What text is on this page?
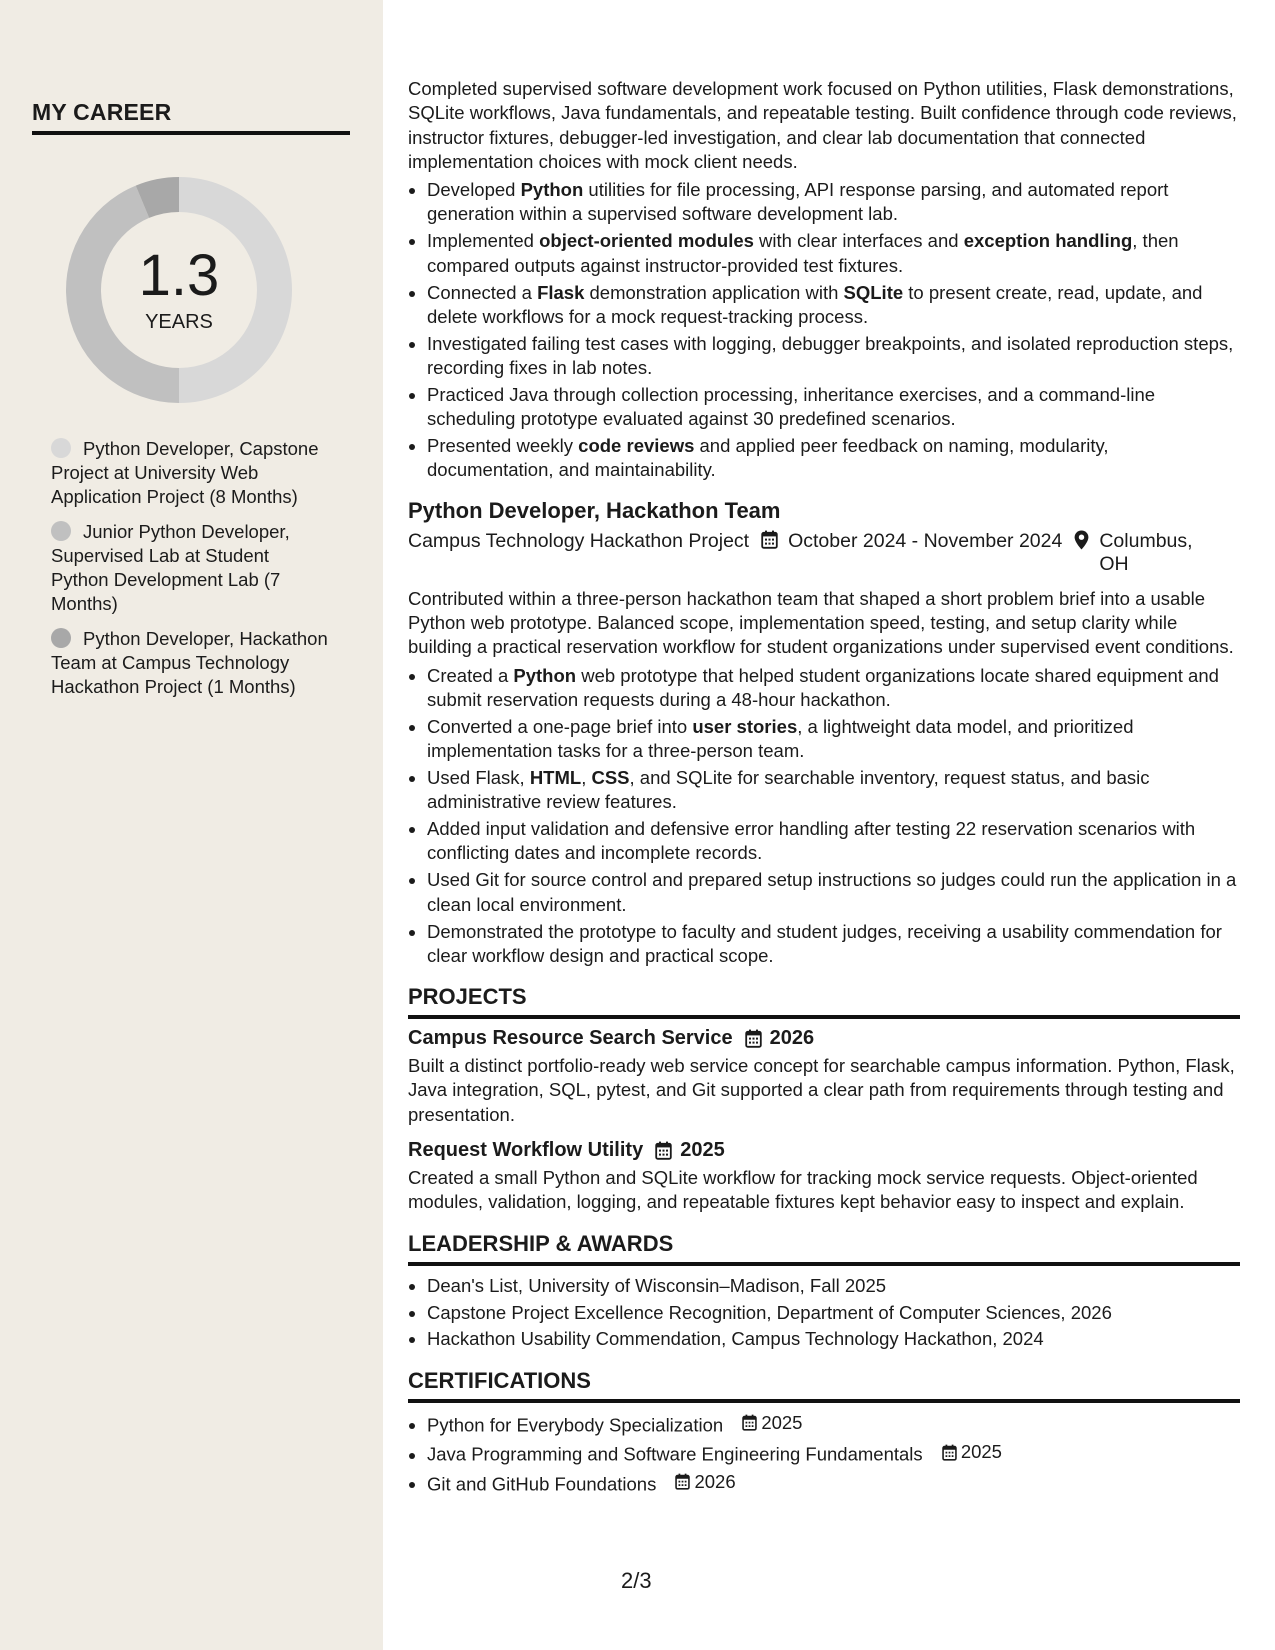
MY CAREER
1.3
YEARS
Python Developer, Capstone Project at University Web Application Project (8 Months)
Junior Python Developer, Supervised Lab at Student Python Development Lab (7 Months)
Python Developer, Hackathon Team at Campus Technology Hackathon Project (1 Months)

Completed supervised software development work focused on Python utilities, Flask demonstrations, SQLite workflows, Java fundamentals, and repeatable testing. Built confidence through code reviews, instructor fixtures, debugger-led investigation, and clear lab documentation that connected implementation choices with mock client needs.

• Developed Python utilities for file processing, API response parsing, and automated report generation within a supervised software development lab.
• Implemented object-oriented modules with clear interfaces and exception handling, then compared outputs against instructor-provided test fixtures.
• Connected a Flask demonstration application with SQLite to present create, read, update, and delete workflows for a mock request-tracking process.
• Investigated failing test cases with logging, debugger breakpoints, and isolated reproduction steps, recording fixes in lab notes.
• Practiced Java through collection processing, inheritance exercises, and a command-line scheduling prototype evaluated against 30 predefined scenarios.
• Presented weekly code reviews and applied peer feedback on naming, modularity, documentation, and maintainability.
Python Developer, Hackathon Team
Campus Technology Hackathon Project October 2024 - November 2024 Columbus, OH

Contributed within a three-person hackathon team that shaped a short problem brief into a usable Python web prototype. Balanced scope, implementation speed, testing, and setup clarity while building a practical reservation workflow for student organizations under supervised event conditions.

• Created a Python web prototype that helped student organizations locate shared equipment and submit reservation requests during a 48-hour hackathon.
• Converted a one-page brief into user stories, a lightweight data model, and prioritized implementation tasks for a three-person team.
• Used Flask, HTML, CSS, and SQLite for searchable inventory, request status, and basic administrative review features.
• Added input validation and defensive error handling after testing 22 reservation scenarios with conflicting dates and incomplete records.
• Used Git for source control and prepared setup instructions so judges could run the application in a clean local environment.
• Demonstrated the prototype to faculty and student judges, receiving a usability commendation for clear workflow design and practical scope.
PROJECTS
Campus Resource Search Service 2026

Built a distinct portfolio-ready web service concept for searchable campus information. Python, Flask, Java integration, SQL, pytest, and Git supported a clear path from requirements through testing and presentation.

Request Workflow Utility 2025

Created a small Python and SQLite workflow for tracking mock service requests. Object-oriented modules, validation, logging, and repeatable fixtures kept behavior easy to inspect and explain.

LEADERSHIP & AWARDS
• Dean's List, University of Wisconsin–Madison, Fall 2025
• Capstone Project Excellence Recognition, Department of Computer Sciences, 2026
• Hackathon Usability Commendation, Campus Technology Hackathon, 2024
CERTIFICATIONS
• Python for Everybody Specialization 2025
• Java Programming and Software Engineering Fundamentals 2025
• Git and GitHub Foundations 2026
2/3
